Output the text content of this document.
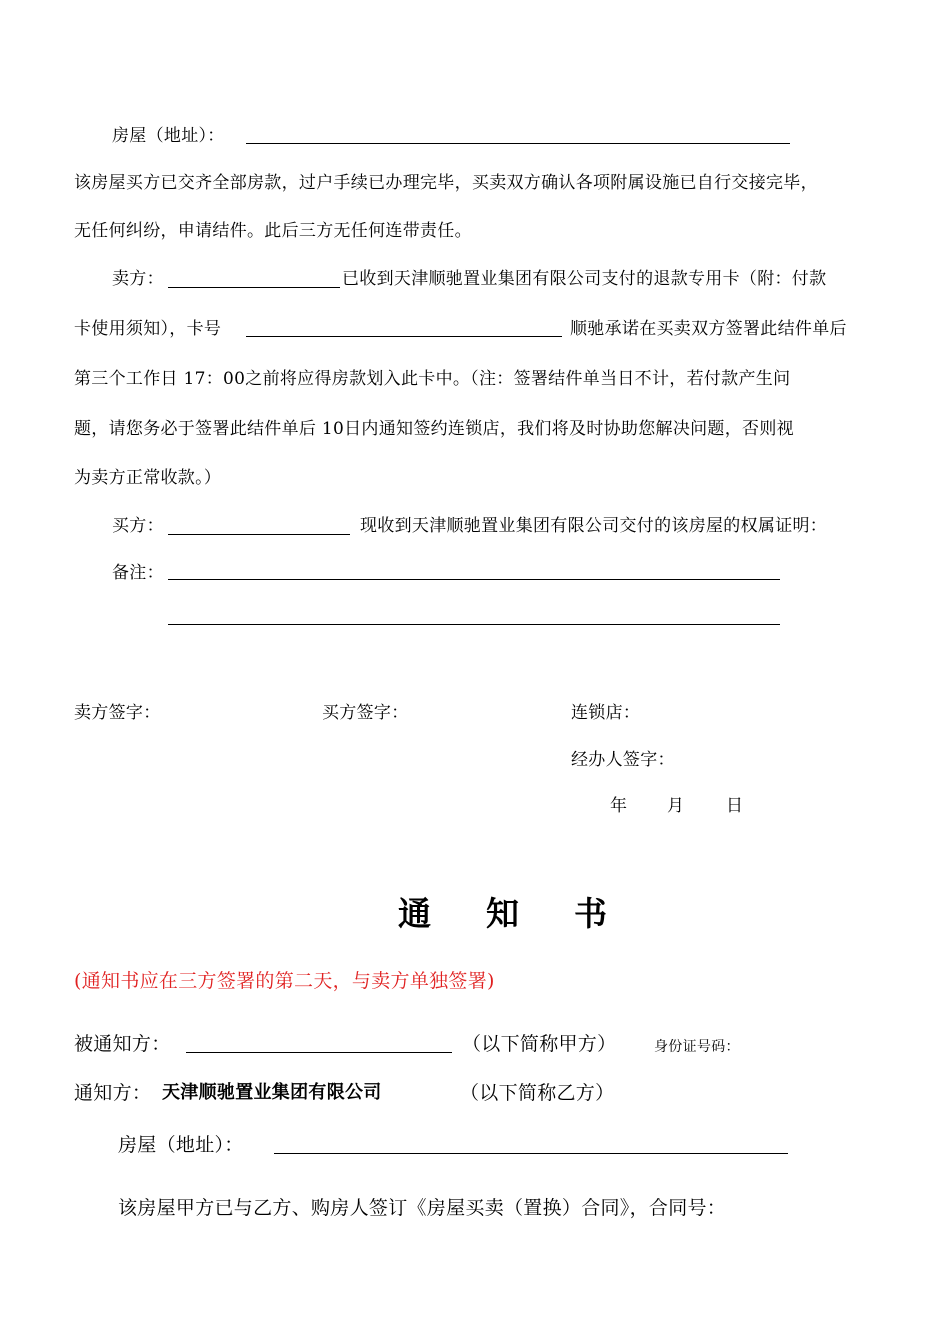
房屋（地址）：
该房屋买方已交齐全部房款，过户手续已办理完毕，买卖双方确认各项附属设施已自行交接完毕，
无任何纠纷，申请结件。此后三方无任何连带责任。
卖方：	已收到天津顺驰置业集团有限公司支付的退款专用卡（附：付款
卡使用须知），卡号	顺驰承诺在买卖双方签署此结件单后
第三个工作日 17：00之前将应得房款划入此卡中。（注：签署结件单当日不计，若付款产生问
题，请您务必于签署此结件单后 10日内通知签约连锁店，我们将及时协助您解决问题，否则视
为卖方正常收款。）
买方：	现收到天津顺驰置业集团有限公司交付的该房屋的权属证明：
备注：
卖方签字：	买方签字：	连锁店：
经办人签字：
年 月 日
通知书
(通知书应在三方签署的第二天，与卖方单独签署)
被通知方：	（以下简称甲方）	身份证号码：
通知方： 天津顺驰置业集团有限公司	（以下简称乙方）
房屋（地址）：
该房屋甲方已与乙方、购房人签订《房屋买卖（置换）合同》，合同号：
